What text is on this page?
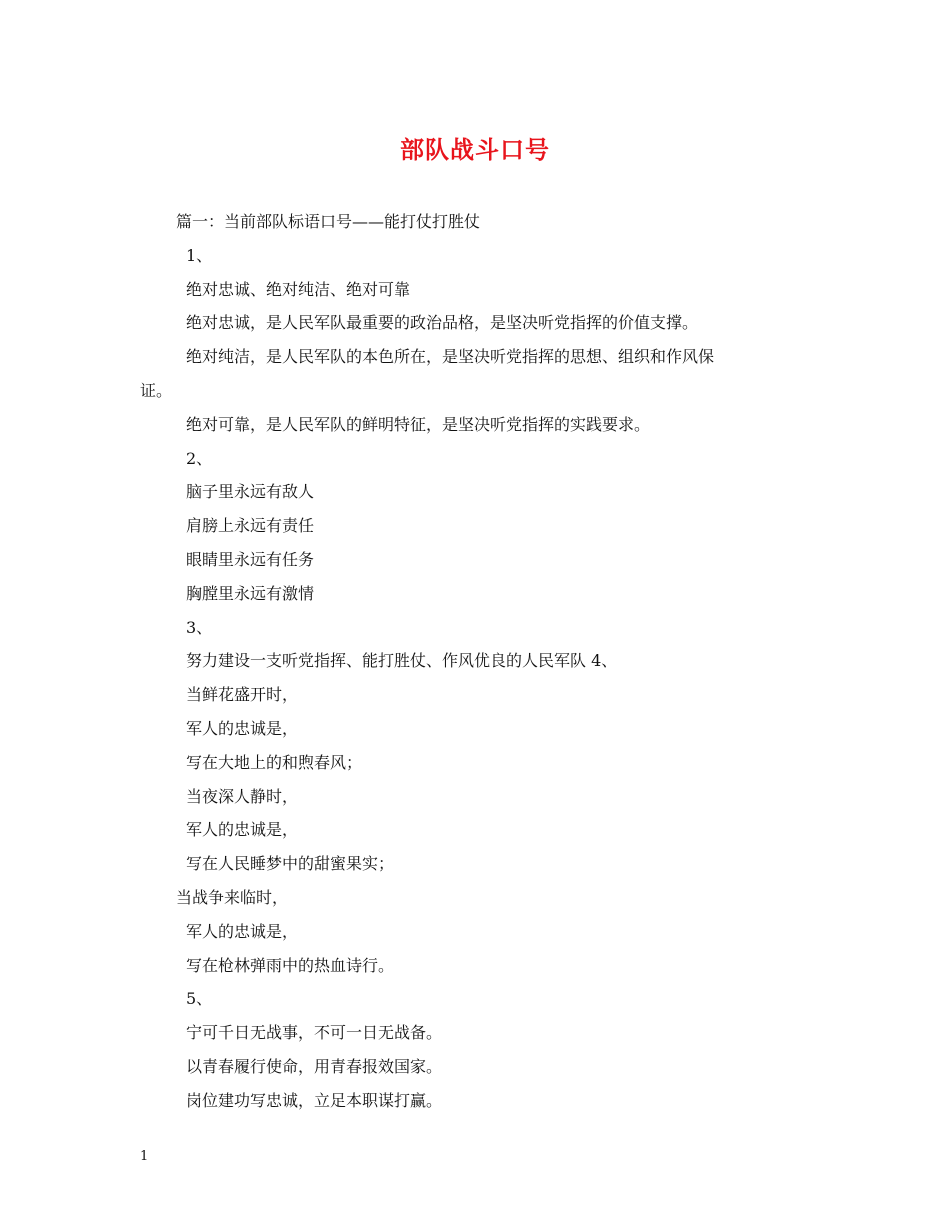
部队战斗口号
篇一：当前部队标语口号——能打仗打胜仗
1、
绝对忠诚、绝对纯洁、绝对可靠
绝对忠诚，是人民军队最重要的政治品格，是坚决听党指挥的价值支撑。
绝对纯洁，是人民军队的本色所在，是坚决听党指挥的思想、组织和作风保
证。
绝对可靠，是人民军队的鲜明特征，是坚决听党指挥的实践要求。
2、
脑子里永远有敌人
肩膀上永远有责任
眼睛里永远有任务
胸膛里永远有激情
3、
努力建设一支听党指挥、能打胜仗、作风优良的人民军队 4、
当鲜花盛开时，
军人的忠诚是，
写在大地上的和煦春风；
当夜深人静时，
军人的忠诚是，
写在人民睡梦中的甜蜜果实；
当战争来临时，
军人的忠诚是，
写在枪林弹雨中的热血诗行。
5、
宁可千日无战事，不可一日无战备。
以青春履行使命，用青春报效国家。
岗位建功写忠诚，立足本职谋打赢。
1
